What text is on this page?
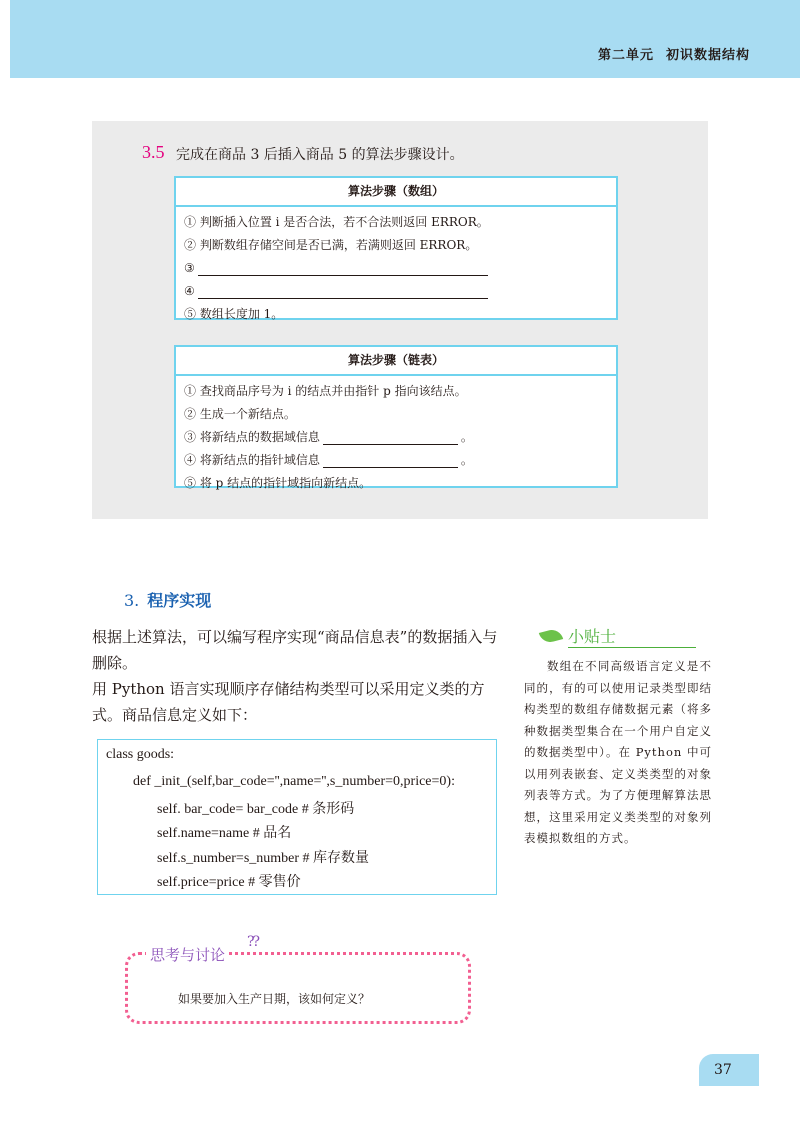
第二单元 初识数据结构
3.5 完成在商品 3 后插入商品 5 的算法步骤设计。
算法步骤（数组）
① 判断插入位置 i 是否合法，若不合法则返回 ERROR。
② 判断数组存储空间是否已满，若满则返回 ERROR。
③
④
⑤ 数组长度加 1。
算法步骤（链表）
① 查找商品序号为 i 的结点并由指针 p 指向该结点。
② 生成一个新结点。
③ 将新结点的数据域信息	。
④ 将新结点的指针域信息	。
⑤ 将 p 结点的指针域指向新结点。
3. 程序实现

根据上述算法，可以编写程序实现“商品信息表”的数据插入与删除。

用 Python 语言实现顺序存储结构类型可以采用定义类的方式。商品信息定义如下：

class goods:
def _init_(self,bar_code='',name='',s_number=0,price=0):
self. bar_code= bar_code # 条形码
self.name=name # 品名
self.s_number=s_number # 库存数量
self.price=price # 零售价
小贴士

数组在不同高级语言定义是不同的，有的可以使用记录类型即结构类型的数组存储数据元素（将多种数据类型集合在一个用户自定义的数据类型中）。在 Python 中可以用列表嵌套、定义类类型的对象列表等方式。为了方便理解算法思想，这里采用定义类类型的对象列表模拟数组的方式。

思考与讨论
??
如果要加入生产日期，该如何定义？
37
